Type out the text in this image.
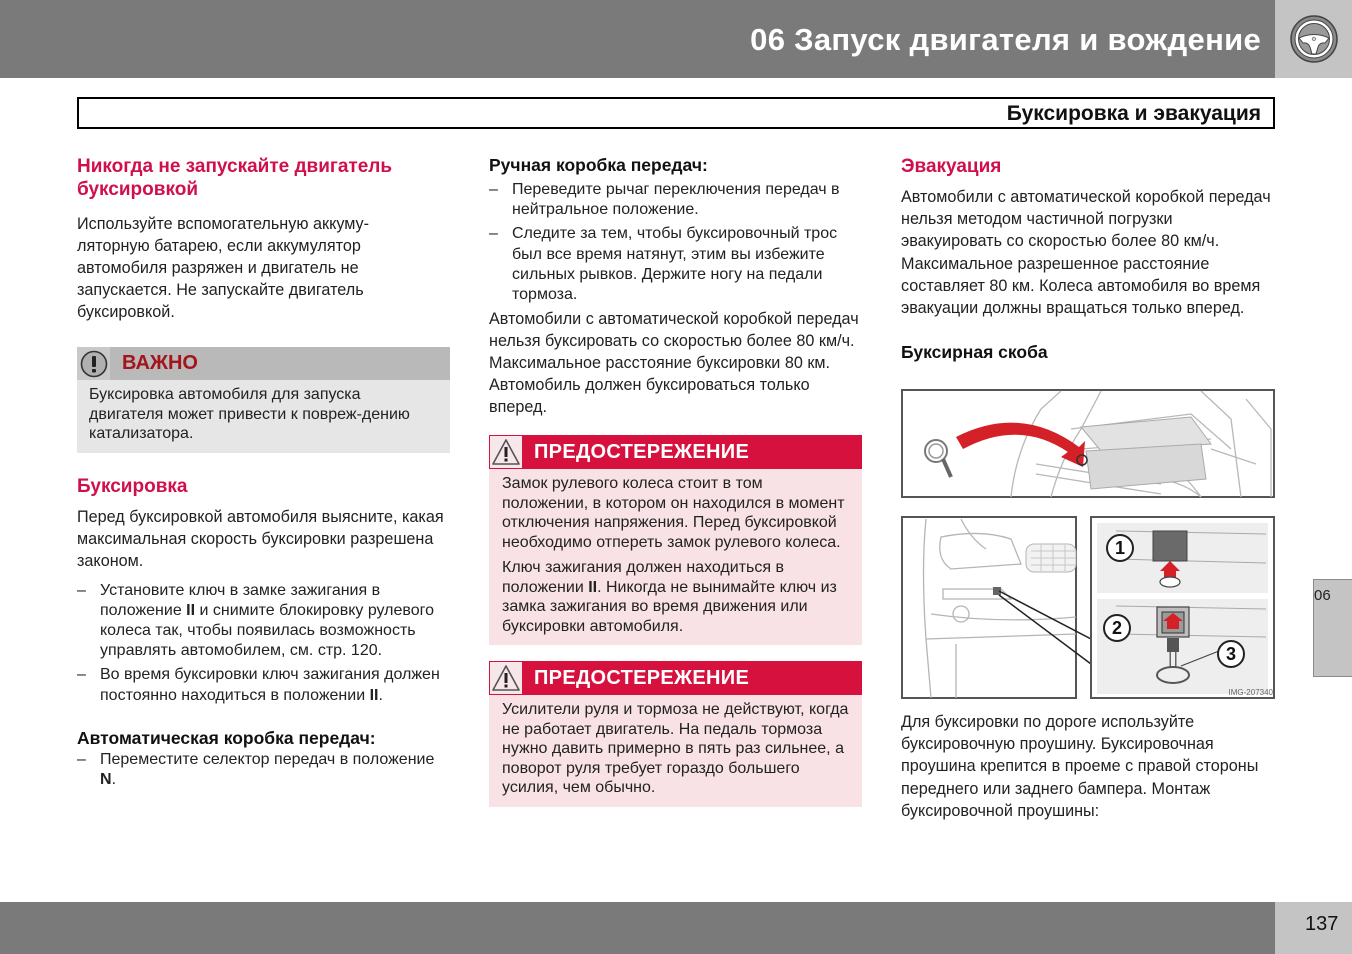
06 Запуск двигателя и вождение	⚙
Буксировка и эвакуация
Никогда не запускайте двигатель буксировкой
Используйте вспомогательную аккуму-ляторную батарею, если аккумулятор автомобиля разряжен и двигатель не запускается. Не запускайте двигатель буксировкой.
ВАЖНО
Буксировка автомобиля для запуска двигателя может привести к повреж-дению катализатора.
Буксировка
Перед буксировкой автомобиля выясните, какая максимальная скорость буксировки разрешена законом.
– Установите ключ в замке зажигания в положение II и снимите блокировку рулевого колеса так, чтобы появилась возможность управлять автомобилем, см. стр. 120.
– Во время буксировки ключ зажигания должен постоянно находиться в положении II.
Автоматическая коробка передач:
– Переместите селектор передач в положение N.
Ручная коробка передач:
– Переведите рычаг переключения передач в нейтральное положение.
– Следите за тем, чтобы буксировочный трос был все время натянут, этим вы избежите сильных рывков. Держите ногу на педали тормоза.
Автомобили с автоматической коробкой передач нельзя буксировать со скоростью более 80 км/ч. Максимальное расстояние буксировки 80 км. Автомобиль должен буксироваться только вперед.
ПРЕДОСТЕРЕЖЕНИЕ

Замок рулевого колеса стоит в том положении, в котором он находился в момент отключения напряжения. Перед буксировкой необходимо отпереть замок рулевого колеса.

Ключ зажигания должен находиться в положении II. Никогда не вынимайте ключ из замка зажигания во время движения или буксировки автомобиля.

ПРЕДОСТЕРЕЖЕНИЕ

Усилители руля и тормоза не действуют, когда не работает двигатель. На педаль тормоза нужно давить примерно в пять раз сильнее, а поворот руля требует гораздо большего усилия, чем обычно.

Эвакуация
Автомобили с автоматической коробкой передач нельзя методом частичной погрузки эвакуировать со скоростью более 80 км/ч. Максимальное разрешенное расстояние составляет 80 км. Колеса автомобиля во время эвакуации должны вращаться только вперед.
Буксирная скоба
1
2
3
IMG-207340
Для буксировки по дороге используйте буксировочную проушину. Буксировочная проушина крепится в проеме с правой стороны переднего или заднего бампера. Монтаж буксировочной проушины:
06
137
